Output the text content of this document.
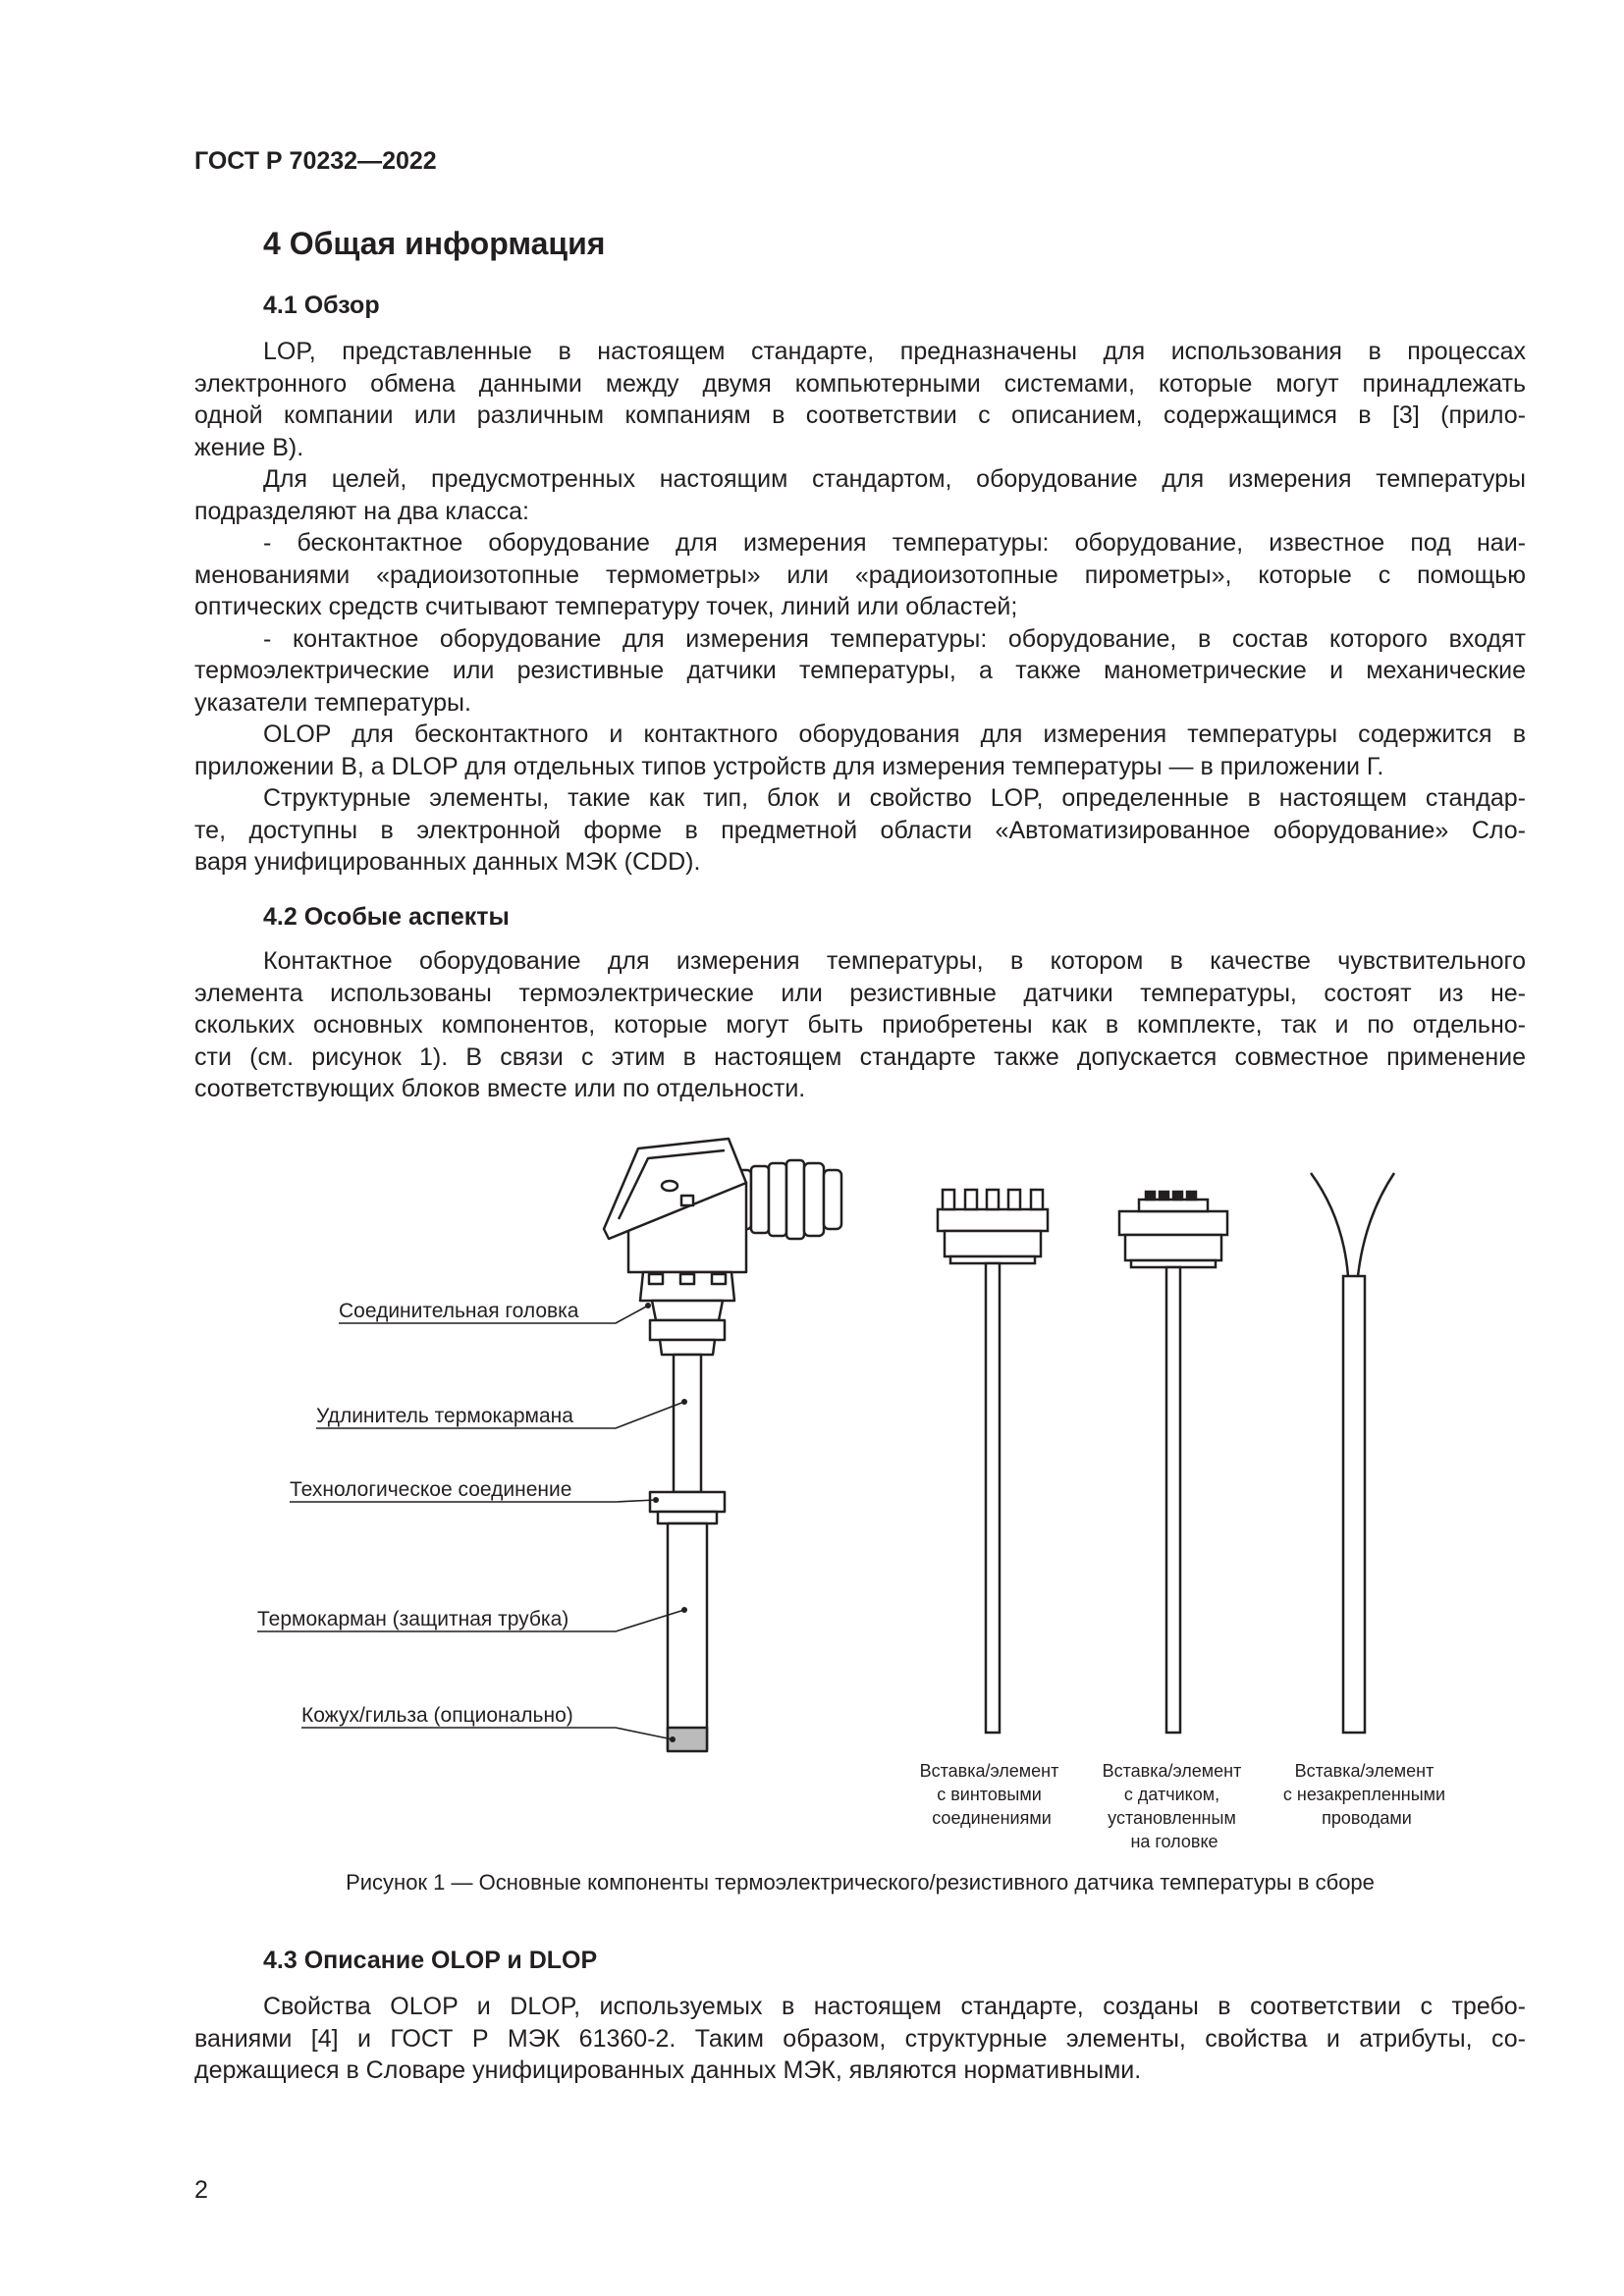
ГОСТ Р 70232—2022
4 Общая информация
4.1 Обзор

LOP, представленные в настоящем стандарте, предназначены для использования в процессах

электронного обмена данными между двумя компьютерными системами, которые могут принадлежать

одной компании или различным компаниям в соответствии с описанием, содержащимся в [3] (прило-

жение В).

Для целей, предусмотренных настоящим стандартом, оборудование для измерения температуры

подразделяют на два класса:

- бесконтактное оборудование для измерения температуры: оборудование, известное под наи-

менованиями «радиоизотопные термометры» или «радиоизотопные пирометры», которые с помощью

оптических средств считывают температуру точек, линий или областей;

- контактное оборудование для измерения температуры: оборудование, в состав которого входят

термоэлектрические или резистивные датчики температуры, а также манометрические и механические

указатели температуры.

OLOP для бесконтактного и контактного оборудования для измерения температуры содержится в

приложении В, а DLOP для отдельных типов устройств для измерения температуры — в приложении Г.

Структурные элементы, такие как тип, блок и свойство LOP, определенные в настоящем стандар-

те, доступны в электронной форме в предметной области «Автоматизированное оборудование» Сло-

варя унифицированных данных МЭК (CDD).

4.2 Особые аспекты

Контактное оборудование для измерения температуры, в котором в качестве чувствительного

элемента использованы термоэлектрические или резистивные датчики температуры, состоят из не-

скольких основных компонентов, которые могут быть приобретены как в комплекте, так и по отдельно-

сти (см. рисунок 1). В связи с этим в настоящем стандарте также допускается совместное применение

соответствующих блоков вместе или по отдельности.

Соединительная головка
Удлинитель термокармана
Технологическое соединение
Термокарман (защитная трубка)
Кожух/гильза (опционально)
Вставка/элемент с винтовыми соединениями
Вставка/элемент с датчиком, установленным на головке
Вставка/элемент с незакрепленными проводами
Рисунок 1 — Основные компоненты термоэлектрического/резистивного датчика температуры в сборе
4.3 Описание OLOP и DLOP

Свойства OLOP и DLOP, используемых в настоящем стандарте, созданы в соответствии с требо-

ваниями [4] и ГОСТ Р МЭК 61360-2. Таким образом, структурные элементы, свойства и атрибуты, со-

держащиеся в Словаре унифицированных данных МЭК, являются нормативными.

2
